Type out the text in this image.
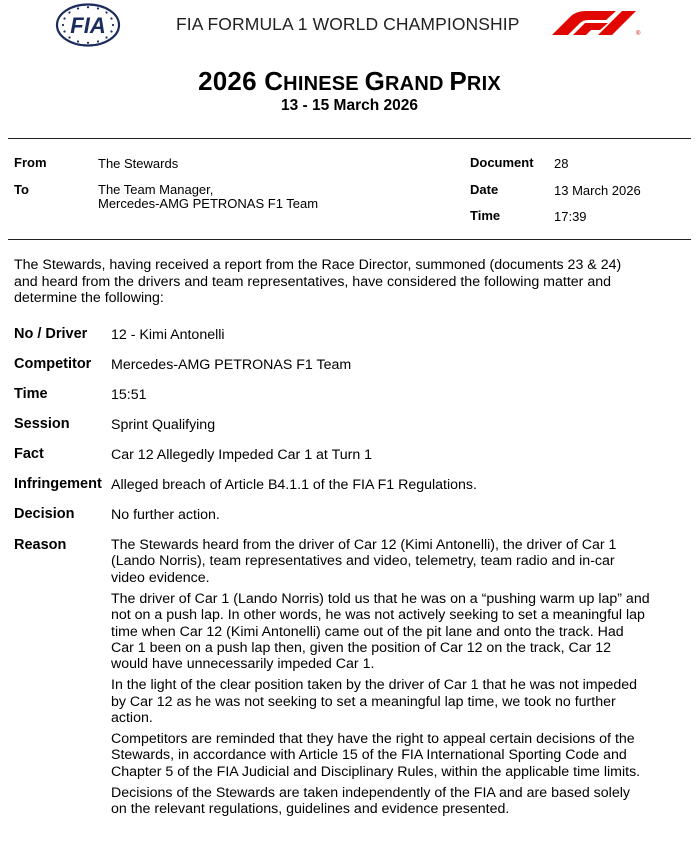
FIA	FIA FORMULA 1 WORLD CHAMPIONSHIP	®
2026 CHINESE GRAND PRIX
13 - 15 March 2026
From	The Stewards
To	The Team Manager,
Mercedes-AMG PETRONAS F1 Team
Document 28
Date	13 March 2026
Time	17:39
The Stewards, having received a report from the Race Director, summoned (documents 23 & 24)
and heard from the drivers and team representatives, have considered the following matter and
determine the following:
No / Driver 12 - Kimi Antonelli
Competitor Mercedes-AMG PETRONAS F1 Team
Time	15:51
Session	Sprint Qualifying
Fact	Car 12 Allegedly Impeded Car 1 at Turn 1
Infringement Alleged breach of Article B4.1.1 of the FIA F1 Regulations.
Decision	No further action.
Reason	The Stewards heard from the driver of Car 12 (Kimi Antonelli), the driver of Car 1
(Lando Norris), team representatives and video, telemetry, team radio and in-car
video evidence.

The driver of Car 1 (Lando Norris) told us that he was on a “pushing warm up lap” and
not on a push lap. In other words, he was not actively seeking to set a meaningful lap
time when Car 12 (Kimi Antonelli) came out of the pit lane and onto the track. Had
Car 1 been on a push lap then, given the position of Car 12 on the track, Car 12
would have unnecessarily impeded Car 1.

In the light of the clear position taken by the driver of Car 1 that he was not impeded
by Car 12 as he was not seeking to set a meaningful lap time, we took no further
action.

Competitors are reminded that they have the right to appeal certain decisions of the
Stewards, in accordance with Article 15 of the FIA International Sporting Code and
Chapter 5 of the FIA Judicial and Disciplinary Rules, within the applicable time limits.

Decisions of the Stewards are taken independently of the FIA and are based solely
on the relevant regulations, guidelines and evidence presented.
